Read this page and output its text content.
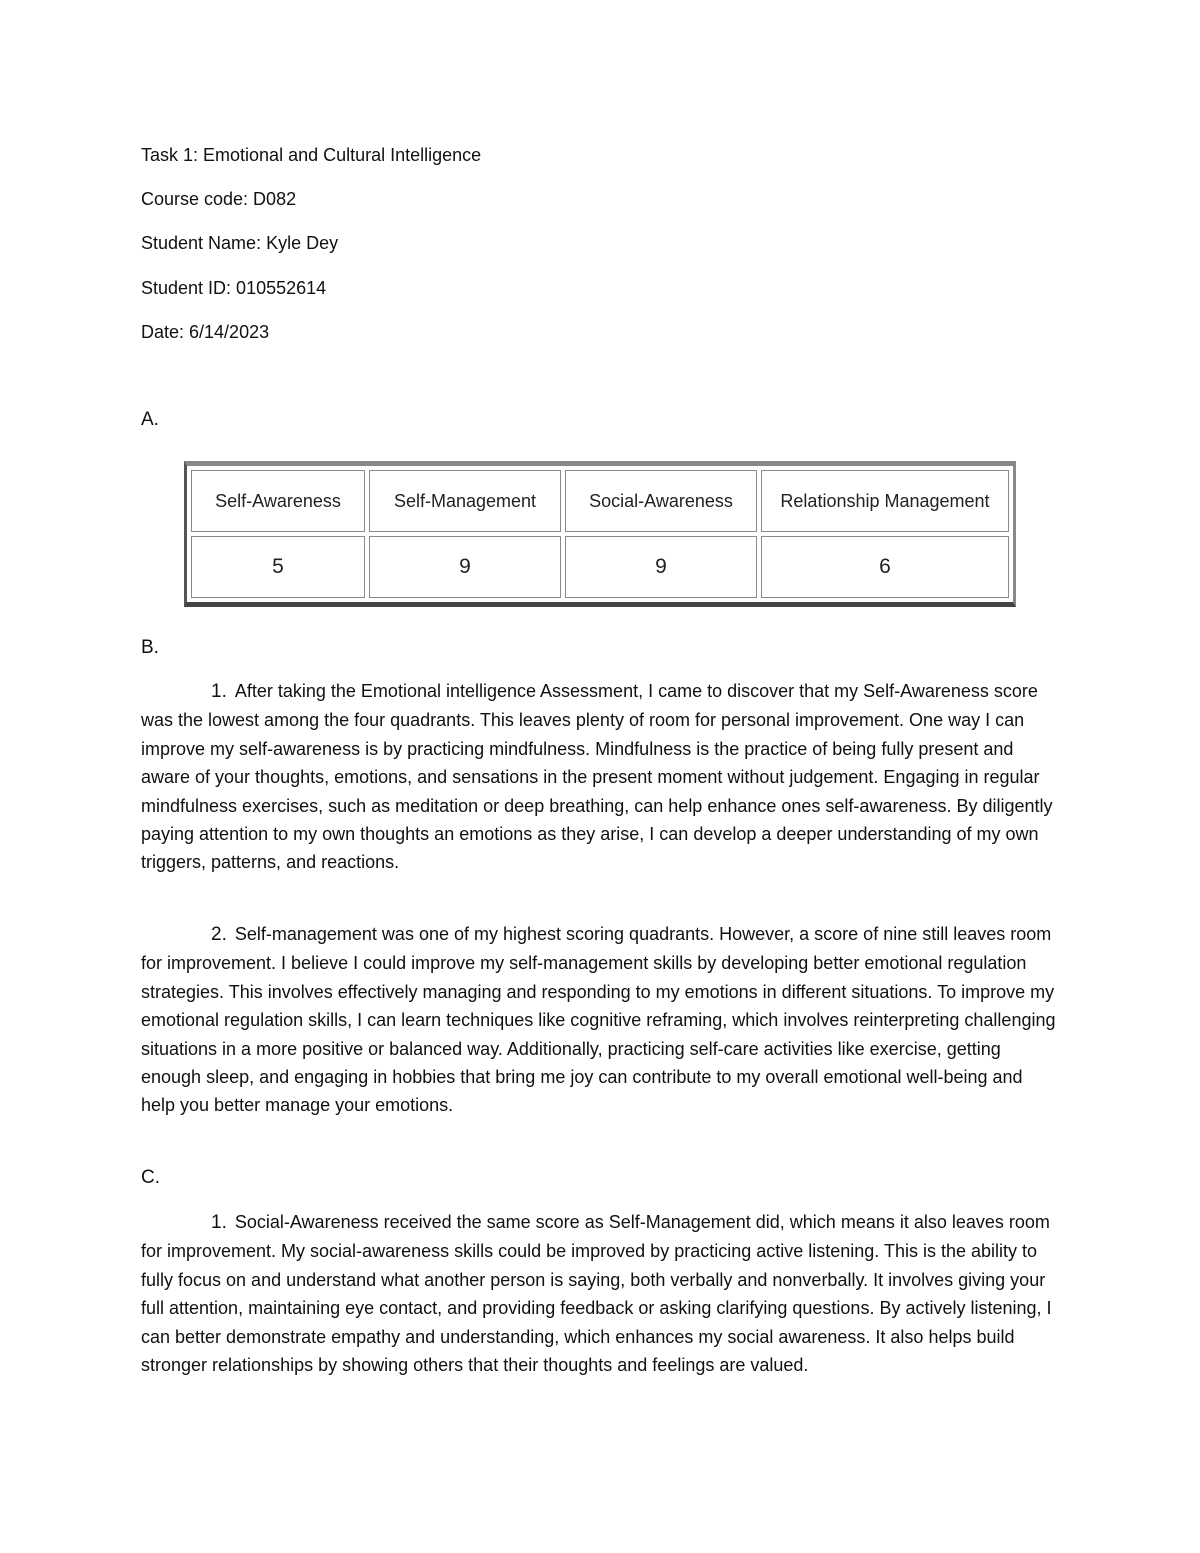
Task 1: Emotional and Cultural Intelligence
Course code: D082
Student Name: Kyle Dey
Student ID: 010552614
Date: 6/14/2023
A.
Self-Awareness	Self-Management	Social-Awareness	Relationship Management
5	9	9	6
B.

1. After taking the Emotional intelligence Assessment, I came to discover that my Self-Awareness score was the lowest among the four quadrants. This leaves plenty of room for personal improvement. One way I can improve my self-awareness is by practicing mindfulness. Mindfulness is the practice of being fully present and aware of your thoughts, emotions, and sensations in the present moment without judgement. Engaging in regular mindfulness exercises, such as meditation or deep breathing, can help enhance ones self-awareness. By diligently paying attention to my own thoughts an emotions as they arise, I can develop a deeper understanding of my own triggers, patterns, and reactions.

2. Self-management was one of my highest scoring quadrants. However, a score of nine still leaves room for improvement. I believe I could improve my self-management skills by developing better emotional regulation strategies. This involves effectively managing and responding to my emotions in different situations. To improve my emotional regulation skills, I can learn techniques like cognitive reframing, which involves reinterpreting challenging situations in a more positive or balanced way. Additionally, practicing self-care activities like exercise, getting enough sleep, and engaging in hobbies that bring me joy can contribute to my overall emotional well-being and help you better manage your emotions.

C.

1. Social-Awareness received the same score as Self-Management did, which means it also leaves room for improvement. My social-awareness skills could be improved by practicing active listening. This is the ability to fully focus on and understand what another person is saying, both verbally and nonverbally. It involves giving your full attention, maintaining eye contact, and providing feedback or asking clarifying questions. By actively listening, I can better demonstrate empathy and understanding, which enhances my social awareness. It also helps build stronger relationships by showing others that their thoughts and feelings are valued.
